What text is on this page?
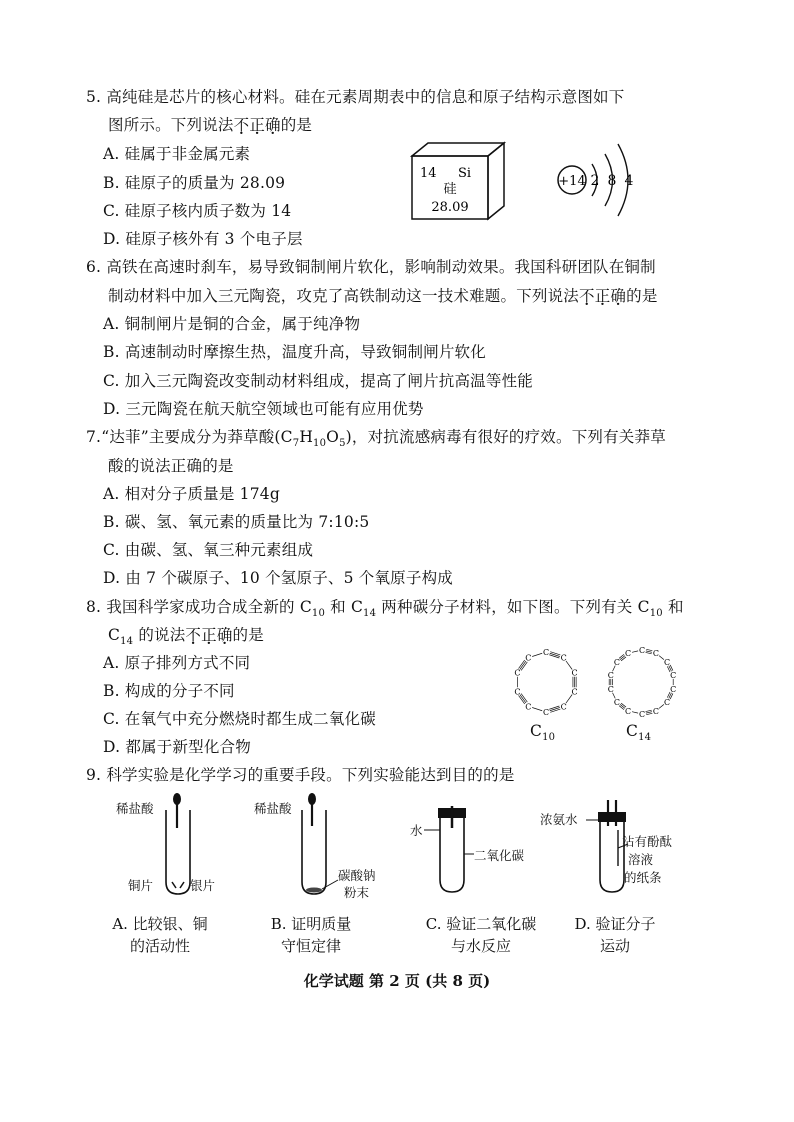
5. 高纯硅是芯片的核心材料。硅在元素周期表中的信息和原子结构示意图如下
图所示。下列说法不正确的是
A. 硅属于非金属元素
B. 硅原子的质量为 28.09
C. 硅原子核内质子数为 14
D. 硅原子核外有 3 个电子层
14 Si
硅
28.09
+14 2 8 4
6. 高铁在高速时刹车，易导致铜制闸片软化，影响制动效果。我国科研团队在铜制
制动材料中加入三元陶瓷，攻克了高铁制动这一技术难题。下列说法不正确的是
A. 铜制闸片是铜的合金，属于纯净物
B. 高速制动时摩擦生热，温度升高，导致铜制闸片软化
C. 加入三元陶瓷改变制动材料组成，提高了闸片抗高温等性能
D. 三元陶瓷在航天航空领域也可能有应用优势
7.“达菲”主要成分为莽草酸$(C_7H_{10}O_5)$，对抗流感病毒有很好的疗效。下列有关莽草
酸的说法正确的是
A. 相对分子质量是 174g
B. 碳、氢、氧元素的质量比为 7:10:5
C. 由碳、氢、氧三种元素组成
D. 由 7 个碳原子、10 个氢原子、5 个氧原子构成
8. 我国科学家成功合成全新的 $C_{10}$ 和 $C_{14}$ 两种碳分子材料，如下图。下列有关 $C_{10}$ 和
$C_{14}$ 的说法不正确的是
A. 原子排列方式不同
B. 构成的分子不同
C. 在氧气中充分燃烧时都生成二氧化碳
D. 都属于新型化合物
C
C
C
C
C
C
C
C
C
C
C C
C
C
C
C
C
C
C
C
C
C
C
C
$C_{10}$	$C_{14}$
9. 科学实验是化学学习的重要手段。下列实验能达到目的的是
稀盐酸
铜片	银片
稀盐酸
碳酸钠
粉末
水
二氧化碳
浓氨水
沾有酚酞
溶液
的纸条
A. 比较银、铜
的活动性
B. 证明质量
守恒定律
C. 验证二氧化碳
与水反应
D. 验证分子
运动
化学试题 第 2 页 (共 8 页)
